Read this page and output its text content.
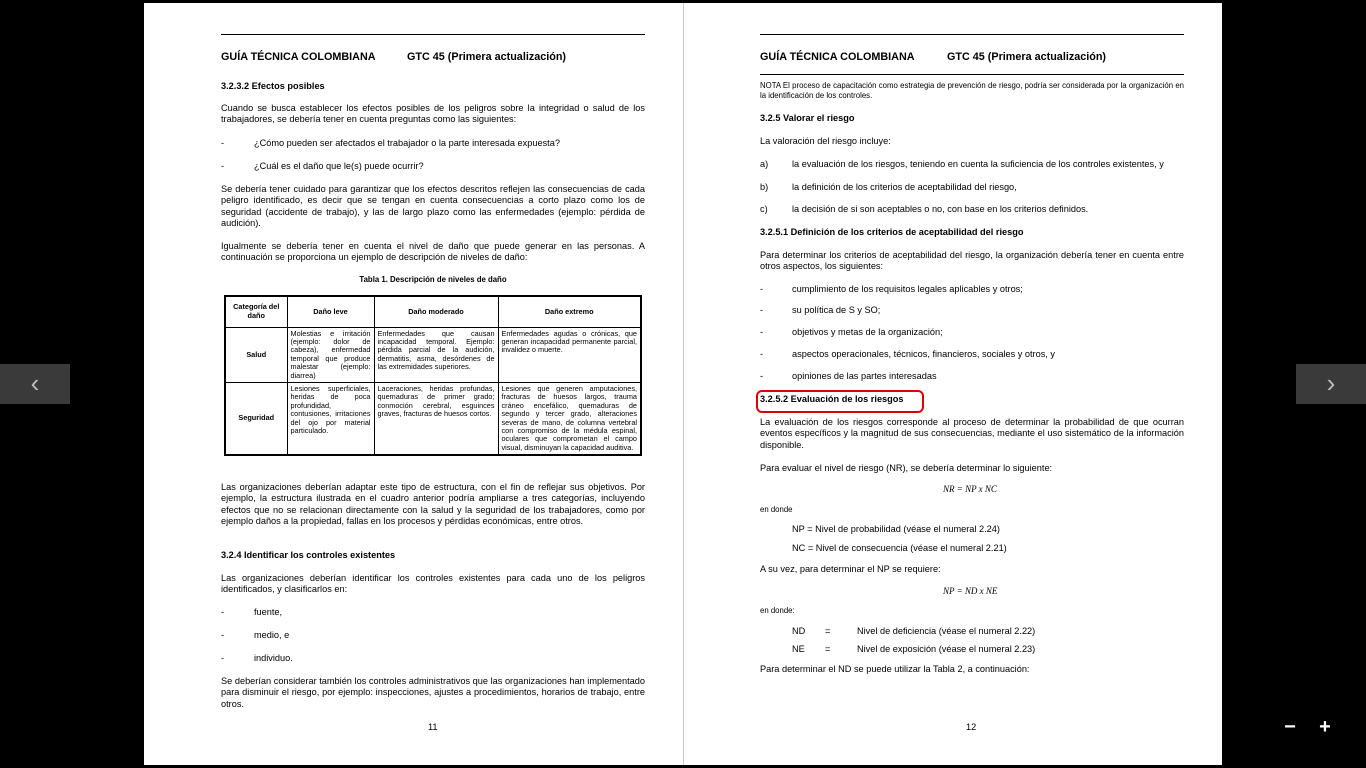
‹	›
− +
GUÍA TÉCNICA COLOMBIANA	GTC 45 (Primera actualización)
3.2.3.2 Efectos posibles
Cuando se busca establecer los efectos posibles de los peligros sobre la integridad o salud de los trabajadores, se debería tener en cuenta preguntas como las siguientes:
-	¿Cómo pueden ser afectados el trabajador o la parte interesada expuesta?
-	¿Cuál es el daño que le(s) puede ocurrir?
Se debería tener cuidado para garantizar que los efectos descritos reflejen las consecuencias de cada peligro identificado, es decir que se tengan en cuenta consecuencias a corto plazo como los de seguridad (accidente de trabajo), y las de largo plazo como las enfermedades (ejemplo: pérdida de audición).
Igualmente se debería tener en cuenta el nivel de daño que puede generar en las personas. A continuación se proporciona un ejemplo de descripción de niveles de daño:
Tabla 1. Descripción de niveles de daño
Categoría del daño	Daño leve	Daño moderado	Daño extremo
Salud	Molestias e irritación (ejemplo: dolor de cabeza), enfermedad temporal que produce malestar (ejemplo: diarrea)	Enfermedades que causan incapacidad temporal. Ejemplo: pérdida parcial de la audición, dermatitis, asma, desórdenes de las extremidades superiores.	Enfermedades agudas o crónicas, que generan incapacidad permanente parcial, invalidez o muerte.
Seguridad	Lesiones superficiales, heridas de poca profundidad, contusiones, irritaciones del ojo por material particulado.	Laceraciones, heridas profundas, quemaduras de primer grado; conmoción cerebral, esguinces graves, fracturas de huesos cortos.	Lesiones que generen amputaciones, fracturas de huesos largos, trauma cráneo encefálico, quemaduras de segundo y tercer grado, alteraciones severas de mano, de columna vertebral con compromiso de la médula espinal, oculares que comprometan el campo visual, disminuyan la capacidad auditiva.
Las organizaciones deberían adaptar este tipo de estructura, con el fin de reflejar sus objetivos. Por ejemplo, la estructura ilustrada en el cuadro anterior podría ampliarse a tres categorías, incluyendo efectos que no se relacionan directamente con la salud y la seguridad de los trabajadores, como por ejemplo daños a la propiedad, fallas en los procesos y pérdidas económicas, entre otros.
3.2.4 Identificar los controles existentes
Las organizaciones deberían identificar los controles existentes para cada uno de los peligros identificados, y clasificarlos en:
-	fuente,
-	medio, e
-	individuo.
Se deberían considerar también los controles administrativos que las organizaciones han implementado para disminuir el riesgo, por ejemplo: inspecciones, ajustes a procedimientos, horarios de trabajo, entre otros.
11
GUÍA TÉCNICA COLOMBIANA	GTC 45 (Primera actualización)
NOTA El proceso de capacitación como estrategia de prevención de riesgo, podría ser considerada por la organización en la identificación de los controles.
3.2.5 Valorar el riesgo
La valoración del riesgo incluye:
a)	la evaluación de los riesgos, teniendo en cuenta la suficiencia de los controles existentes, y
b)	la definición de los criterios de aceptabilidad del riesgo,
c)	la decisión de si son aceptables o no, con base en los criterios definidos.
3.2.5.1 Definición de los criterios de aceptabilidad del riesgo
Para determinar los criterios de aceptabilidad del riesgo, la organización debería tener en cuenta entre otros aspectos, los siguientes:
-	cumplimiento de los requisitos legales aplicables y otros;
-	su política de S y SO;
-	objetivos y metas de la organización;
-	aspectos operacionales, técnicos, financieros, sociales y otros, y
-	opiniones de las partes interesadas
3.2.5.2 Evaluación de los riesgos
La evaluación de los riesgos corresponde al proceso de determinar la probabilidad de que ocurran eventos específicos y la magnitud de sus consecuencias, mediante el uso sistemático de la información disponible.
Para evaluar el nivel de riesgo (NR), se debería determinar lo siguiente:
NR = NP x NC
en donde
NP = Nivel de probabilidad (véase el numeral 2.24)
NC = Nivel de consecuencia (véase el numeral 2.21)
A su vez, para determinar el NP se requiere:
NP = ND x NE
en donde:
ND =	Nivel de deficiencia (véase el numeral 2.22)
NE =	Nivel de exposición (véase el numeral 2.23)
Para determinar el ND se puede utilizar la Tabla 2, a continuación:
12
